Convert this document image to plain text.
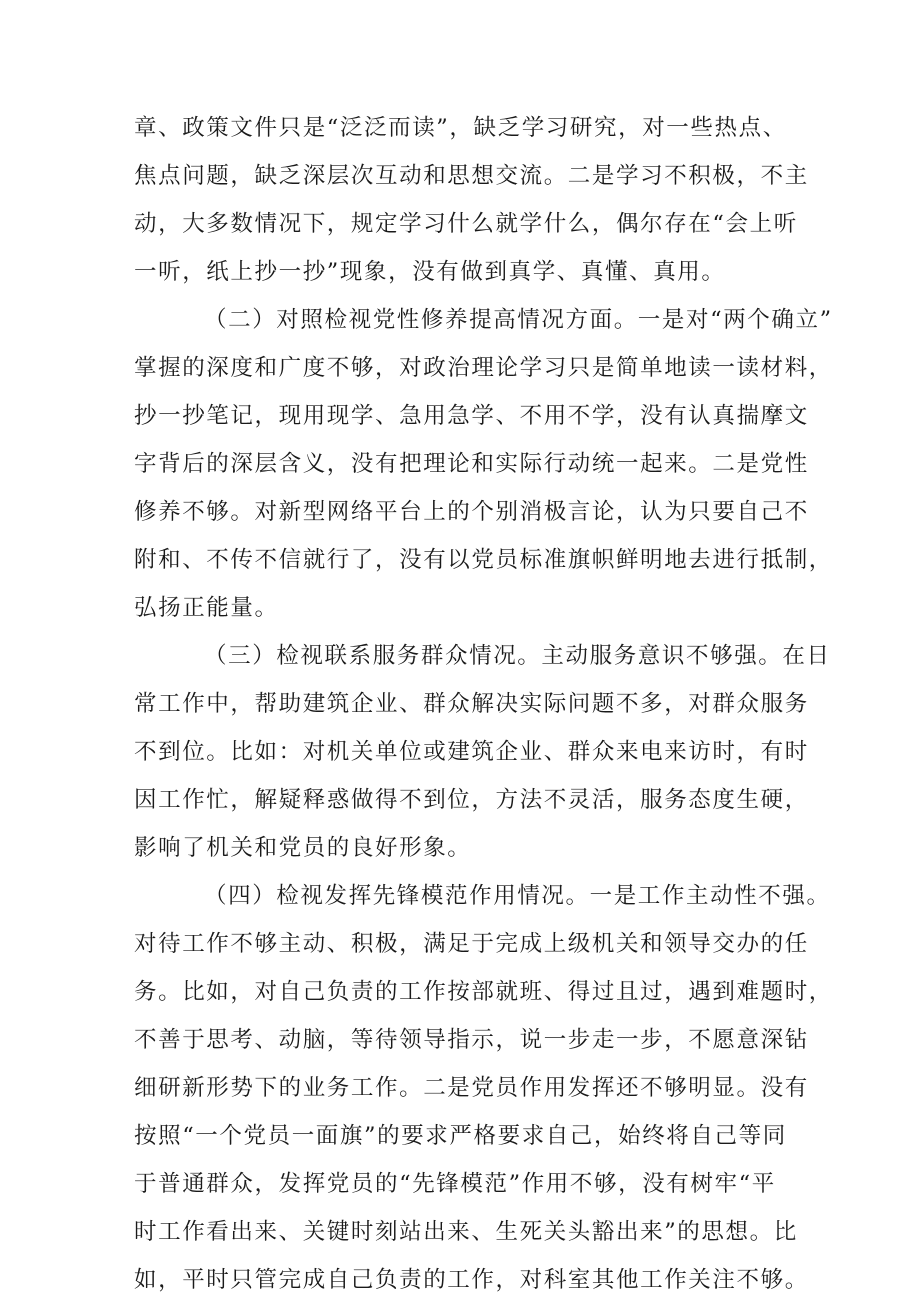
章、政策文件只是“泛泛而读”，缺乏学习研究，对一些热点、
焦点问题，缺乏深层次互动和思想交流。二是学习不积极，不主
动，大多数情况下，规定学习什么就学什么，偶尔存在“会上听
一听，纸上抄一抄”现象，没有做到真学、真懂、真用。
（二）对照检视党性修养提高情况方面。一是对“两个确立”
掌握的深度和广度不够，对政治理论学习只是简单地读一读材料，
抄一抄笔记，现用现学、急用急学、不用不学，没有认真揣摩文
字背后的深层含义，没有把理论和实际行动统一起来。二是党性
修养不够。对新型网络平台上的个别消极言论，认为只要自己不
附和、不传不信就行了，没有以党员标准旗帜鲜明地去进行抵制，
弘扬正能量。
（三）检视联系服务群众情况。主动服务意识不够强。在日
常工作中，帮助建筑企业、群众解决实际问题不多，对群众服务
不到位。比如：对机关单位或建筑企业、群众来电来访时，有时
因工作忙，解疑释惑做得不到位，方法不灵活，服务态度生硬，
影响了机关和党员的良好形象。
（四）检视发挥先锋模范作用情况。一是工作主动性不强。
对待工作不够主动、积极，满足于完成上级机关和领导交办的任
务。比如，对自己负责的工作按部就班、得过且过，遇到难题时，
不善于思考、动脑，等待领导指示，说一步走一步，不愿意深钻
细研新形势下的业务工作。二是党员作用发挥还不够明显。没有
按照“一个党员一面旗”的要求严格要求自己，始终将自己等同
于普通群众，发挥党员的“先锋模范”作用不够，没有树牢“平
时工作看出来、关键时刻站出来、生死关头豁出来”的思想。比
如，平时只管完成自己负责的工作，对科室其他工作关注不够。
